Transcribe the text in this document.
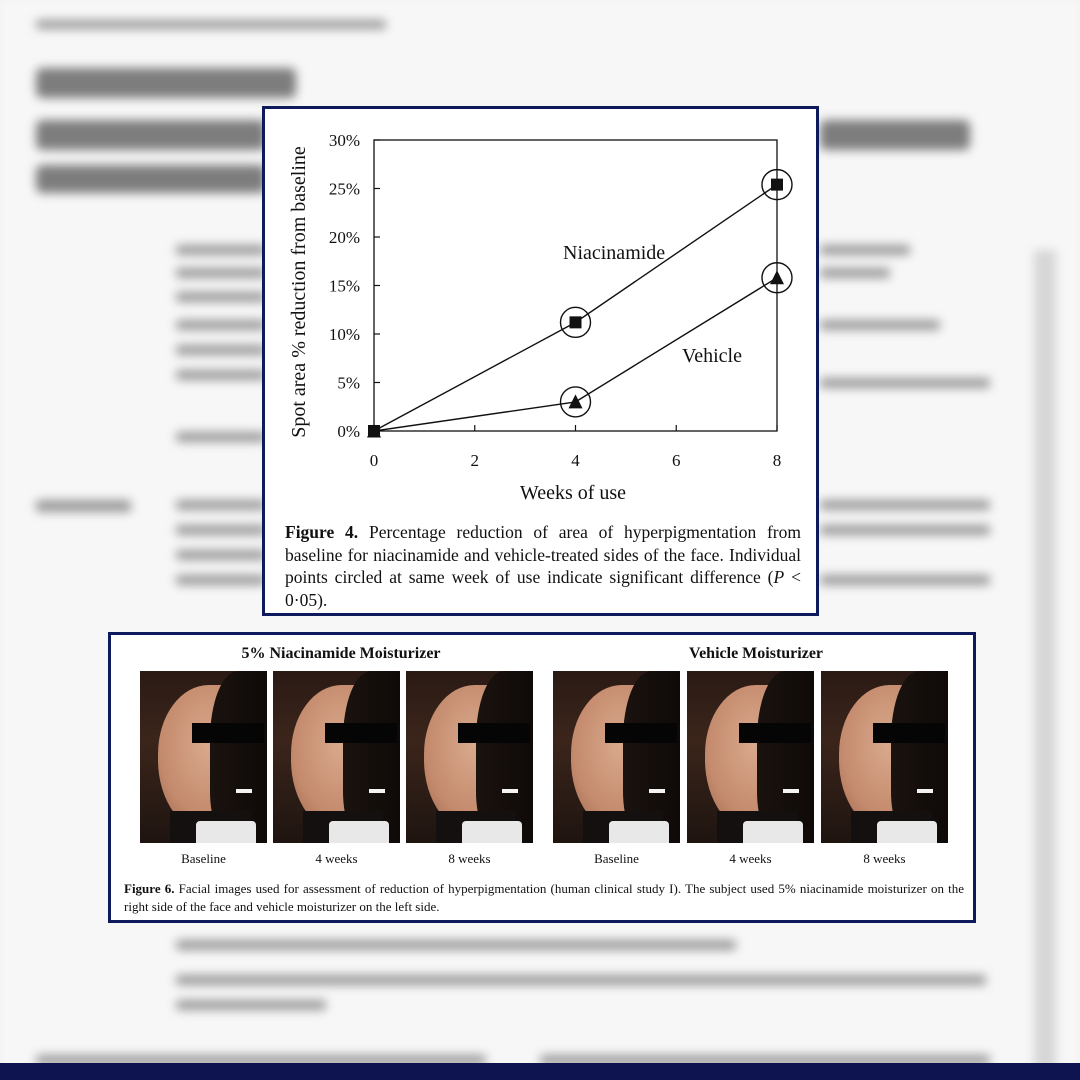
0%
5%
10%
15%
20%
25%
30%
0	2	4	6	8
Niacinamide
Vehicle
Weeks of use
Spot area % reduction from baseline
Figure 4. Percentage reduction of area of hyperpigmentation from baseline for niacinamide and vehicle-treated sides of the face. Individual points circled at same week of use indicate significant difference (P < 0·05).
5% Niacinamide Moisturizer	Vehicle Moisturizer
Baseline	4 weeks	8 weeks	Baseline	4 weeks	8 weeks
Figure 6. Facial images used for assessment of reduction of hyperpigmentation (human clinical study I). The subject used 5% niacinamide moisturizer on the right side of the face and vehicle moisturizer on the left side.
